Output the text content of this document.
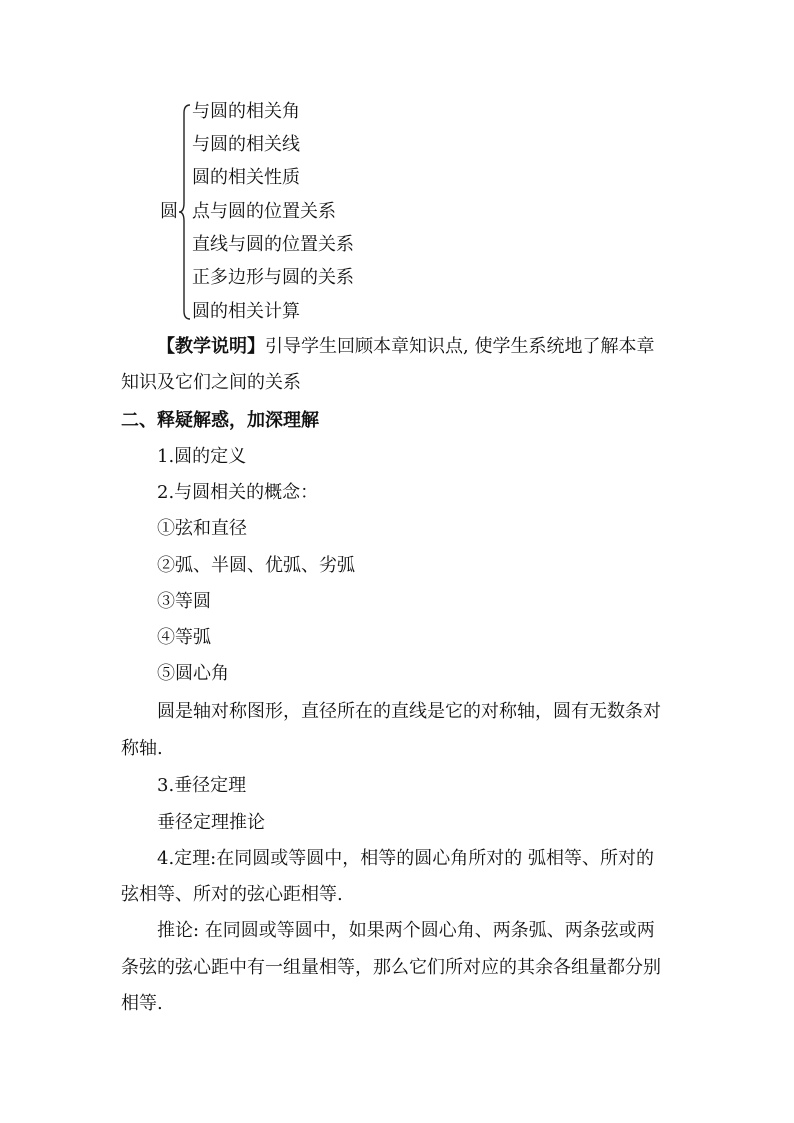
圆
与圆的相关角
与圆的相关线
圆的相关性质
点与圆的位置关系
直线与圆的位置关系
正多边形与圆的关系
圆的相关计算
【教学说明】引导学生回顾本章知识点, 使学生系统地了解本章
知识及它们之间的关系
二、释疑解惑，加深理解
1.圆的定义
2.与圆相关的概念：
①弦和直径
②弧、半圆、优弧、劣弧
③等圆
④等弧
⑤圆心角
圆是轴对称图形，直径所在的直线是它的对称轴，圆有无数条对
称轴.
3.垂径定理
垂径定理推论
4.定理:在同圆或等圆中，相等的圆心角所对的 弧相等、所对的
弦相等、所对的弦心距相等.
推论: 在同圆或等圆中，如果两个圆心角、两条弧、两条弦或两
条弦的弦心距中有一组量相等，那么它们所对应的其余各组量都分别
相等.
